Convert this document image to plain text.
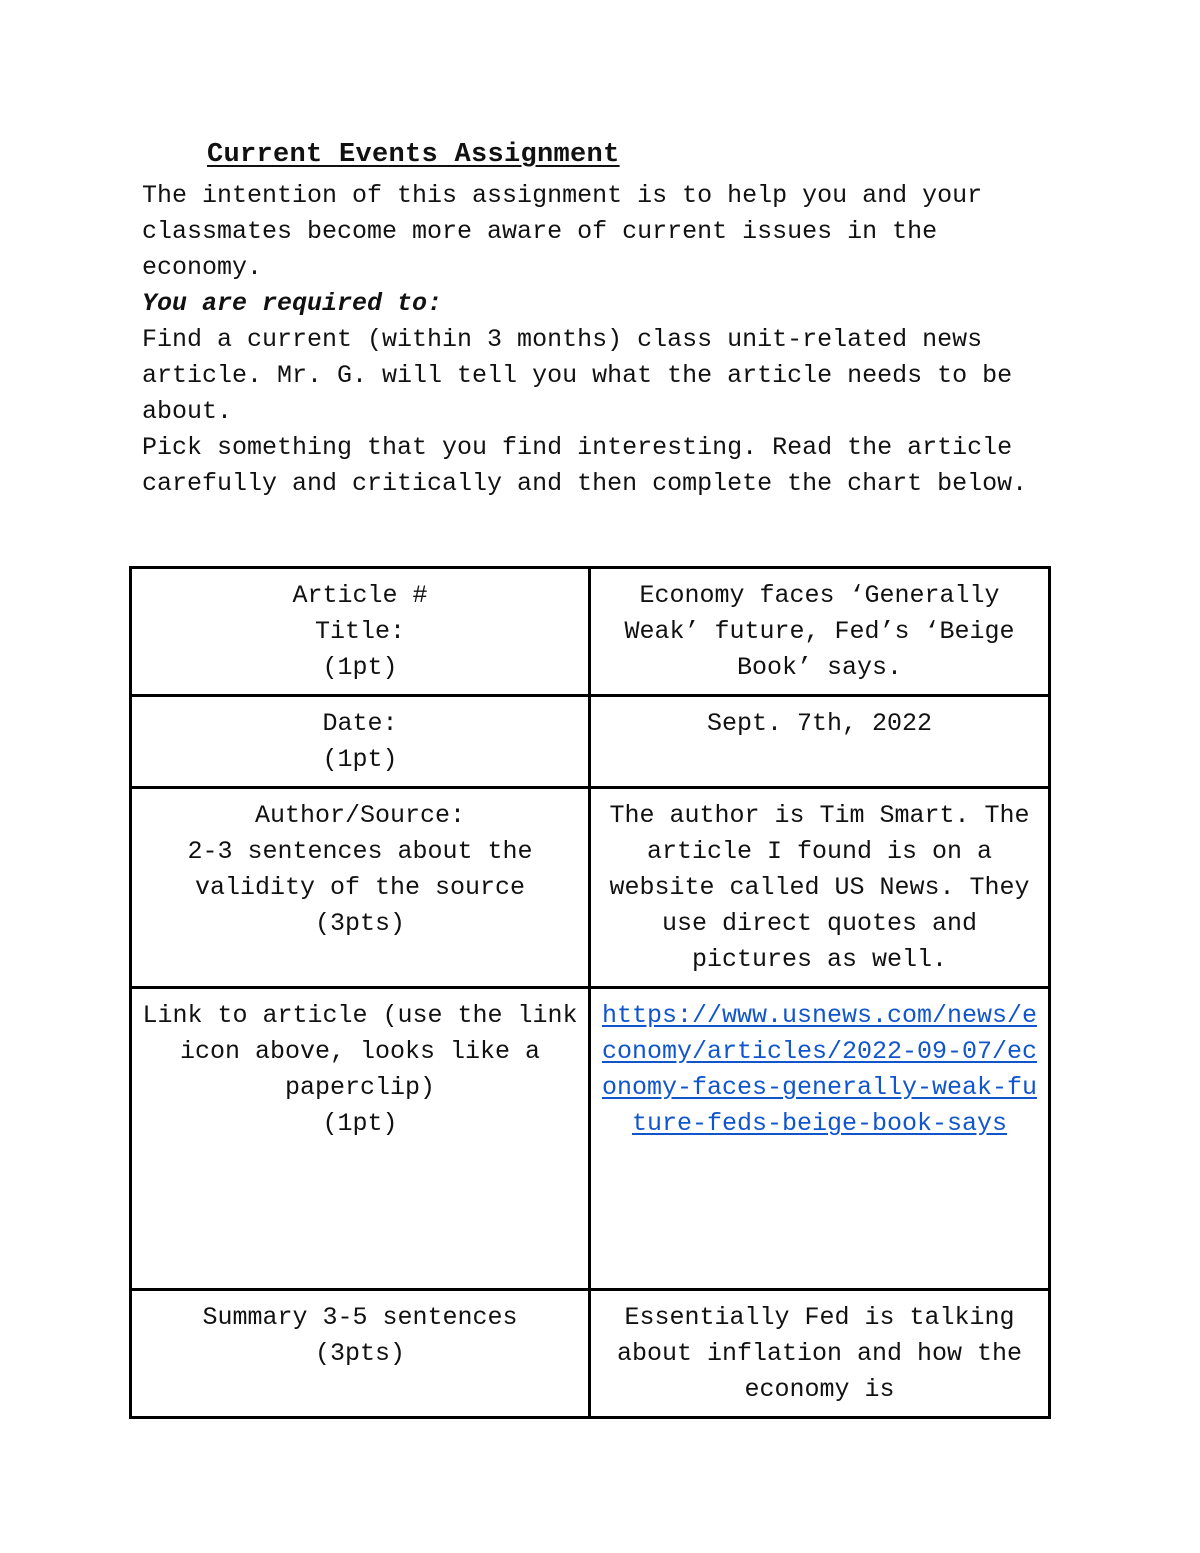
Current Events Assignment

The intention of this assignment is to help you and your classmates become more aware of current issues in the economy.

You are required to:

Find a current (within 3 months) class unit-related news article. Mr. G. will tell you what the article needs to be about.

Pick something that you find interesting. Read the article carefully and critically and then complete the chart below.

Article #
Title:
(1pt)	Economy faces ‘Generally Weak’ future, Fed’s ‘Beige Book’ says.

Date:
(1pt)	Sept. 7th, 2022

Author/Source:
2-3 sentences about the validity of the source
(3pts)	The author is Tim Smart. The article I found is on a website called US News. They use direct quotes and pictures as well.

Link to article (use the link icon above, looks like a paperclip)
(1pt)	https://www.usnews.com/news/economy/articles/2022-09-07/economy-faces-generally-weak-future-feds-beige-book-says

Summary 3-5 sentences
(3pts)	Essentially Fed is talking about inflation and how the economy is
